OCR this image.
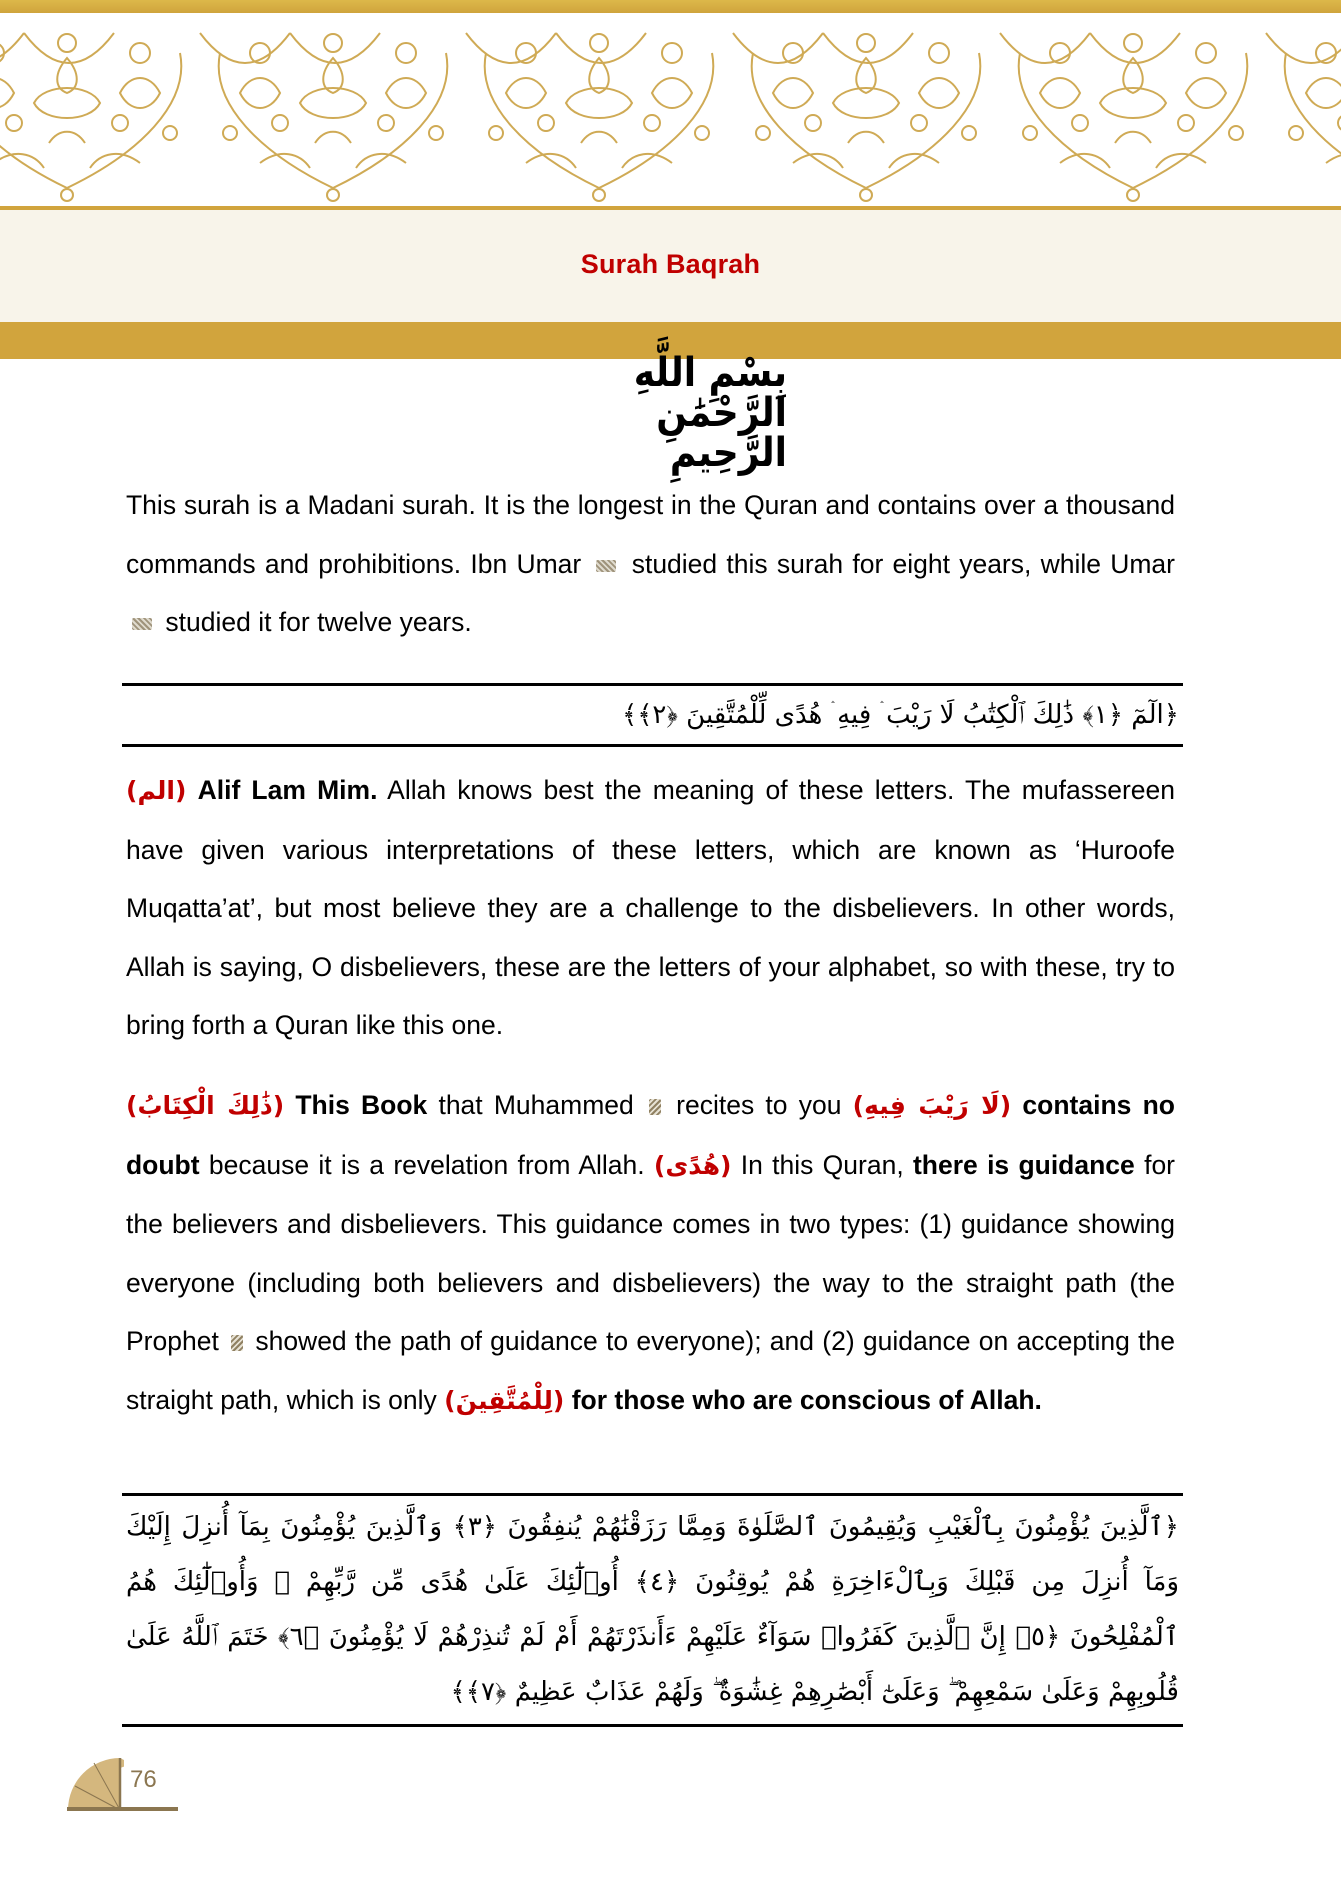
Surah Baqrah
بِسْمِ اللَّهِ الرَّحْمَٰنِ الرَّحِيمِ

This surah is a Madani surah. It is the longest in the Quran and contains over a thousand commands and prohibitions. Ibn Umar studied this surah for eight years, while Umar  studied it for twelve years.

﴿الٓمٓ ﴿١﴾ ذَٰلِكَ ٱلْكِتَٰبُ لَا رَيْبَ ۛ فِيهِ ۛ هُدًى لِّلْمُتَّقِينَ ﴿٢﴾﴾

(الم) Alif Lam Mim. Allah knows best the meaning of these letters. The mufassereen have given various interpretations of these letters, which are known as ‘Huroofe Muqatta’at’, but most believe they are a challenge to the disbelievers. In other words, Allah is saying, O disbelievers, these are the letters of your alphabet, so with these, try to bring forth a Quran like this one.

(ذَٰلِكَ الْكِتَابُ) This Book that Muhammed recites to you (لَا رَيْبَ فِيهِ) contains no doubt because it is a revelation from Allah. (هُدًى) In this Quran, there is guidance for the believers and disbelievers. This guidance comes in two types: (1) guidance showing everyone (including both believers and disbelievers) the way to the straight path (the Prophet showed the path of guidance to everyone); and (2) guidance on accepting the straight path, which is only (لِلْمُتَّقِينَ) for those who are conscious of Allah.

﴿ٱلَّذِينَ يُؤْمِنُونَ بِٱلْغَيْبِ وَيُقِيمُونَ ٱلصَّلَوٰةَ وَمِمَّا رَزَقْنَٰهُمْ يُنفِقُونَ ﴿٣﴾ وَٱلَّذِينَ يُؤْمِنُونَ بِمَآ أُنزِلَ إِلَيْكَ وَمَآ أُنزِلَ مِن قَبْلِكَ وَبِٱلْءَاخِرَةِ هُمْ يُوقِنُونَ ﴿٤﴾ أُو۟لَٰٓئِكَ عَلَىٰ هُدًى مِّن رَّبِّهِمْ ۖ وَأُو۟لَٰٓئِكَ هُمُ ٱلْمُفْلِحُونَ ﴿٥﴾ إِنَّ ٱلَّذِينَ كَفَرُوا۟ سَوَآءٌ عَلَيْهِمْ ءَأَنذَرْتَهُمْ أَمْ لَمْ تُنذِرْهُمْ لَا يُؤْمِنُونَ ﴿٦﴾ خَتَمَ ٱللَّهُ عَلَىٰ قُلُوبِهِمْ وَعَلَىٰ سَمْعِهِمْ ۖ وَعَلَىٰٓ أَبْصَٰرِهِمْ غِشَٰوَةٌ ۖ وَلَهُمْ عَذَابٌ عَظِيمٌ ﴿٧﴾﴾

76
